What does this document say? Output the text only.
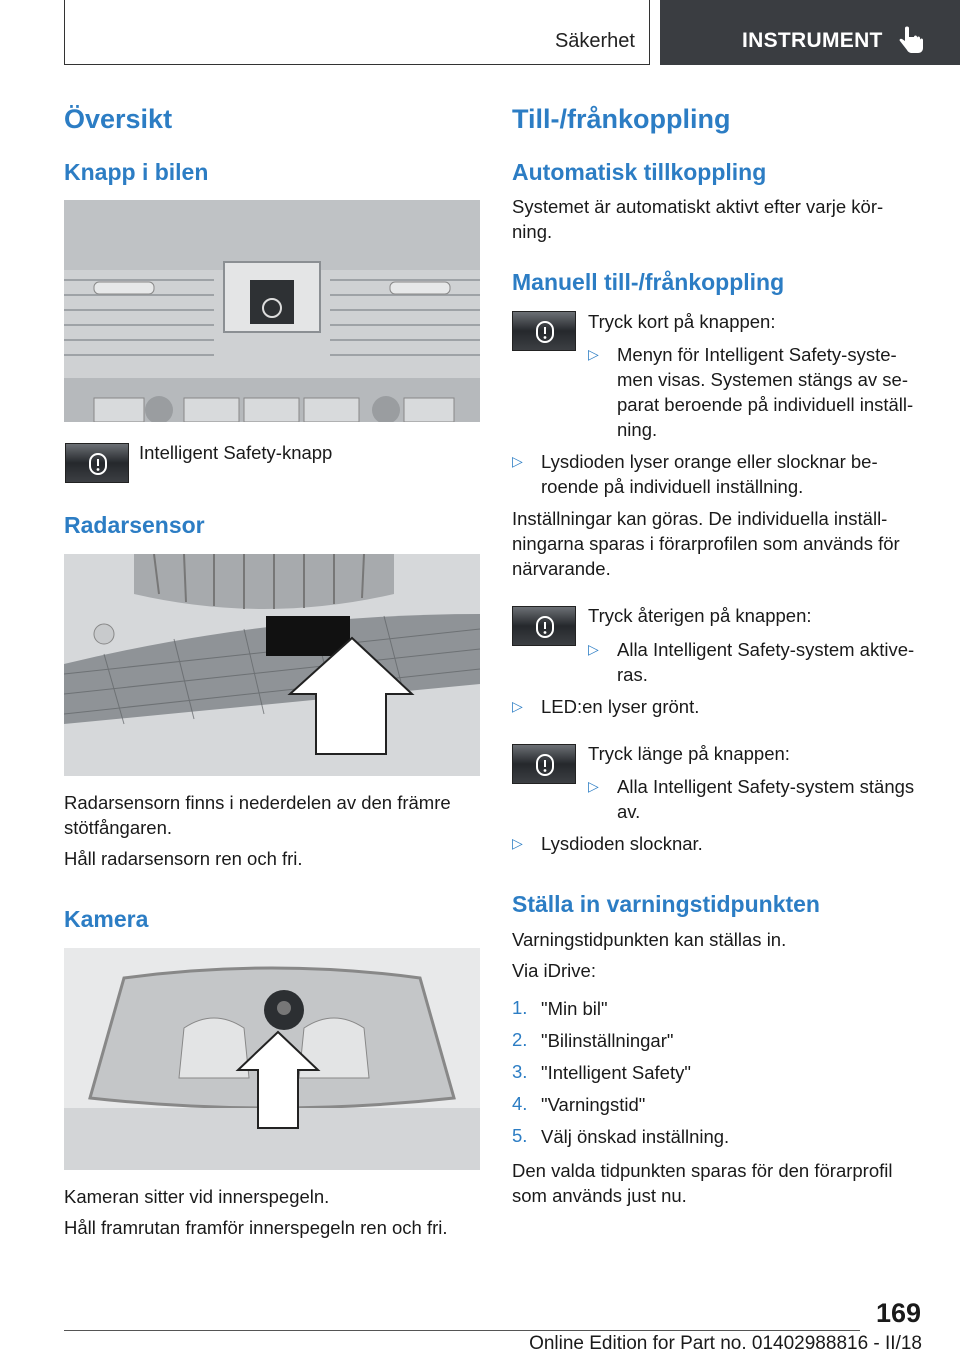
Säkerhet	INSTRUMENT
Översikt
Knapp i bilen
Intelligent Safety-knapp
Radarsensor
Radarsensorn finns i nederdelen av den främre
stötfångaren.
Håll radarsensorn ren och fri.
Kamera
Kameran sitter vid innerspegeln.
Håll framrutan framför innerspegeln ren och fri.
Till-/frånkoppling
Automatisk tillkoppling
Systemet är automatiskt aktivt efter varje kör-
ning.
Manuell till-/frånkoppling
Tryck kort på knappen:
▷ Menyn för Intelligent Safety-syste-
men visas. Systemen stängs av se-
parat beroende på individuell inställ-
ning.
▷ Lysdioden lyser orange eller slocknar be-
roende på individuell inställning.
Inställningar kan göras. De individuella inställ-
ningarna sparas i förarprofilen som används för
närvarande.
Tryck återigen på knappen:
▷ Alla Intelligent Safety-system aktive-
ras.
▷ LED:en lyser grönt.
Tryck länge på knappen:
▷ Alla Intelligent Safety-system stängs
av.
▷ Lysdioden slocknar.
Ställa in varningstidpunkten
Varningstidpunkten kan ställas in.
Via iDrive:
1. "Min bil"
2. "Bilinställningar"
3. "Intelligent Safety"
4. "Varningstid"
5. Välj önskad inställning.
Den valda tidpunkten sparas för den förarprofil
som används just nu.
169
Online Edition for Part no. 01402988816 - II/18
